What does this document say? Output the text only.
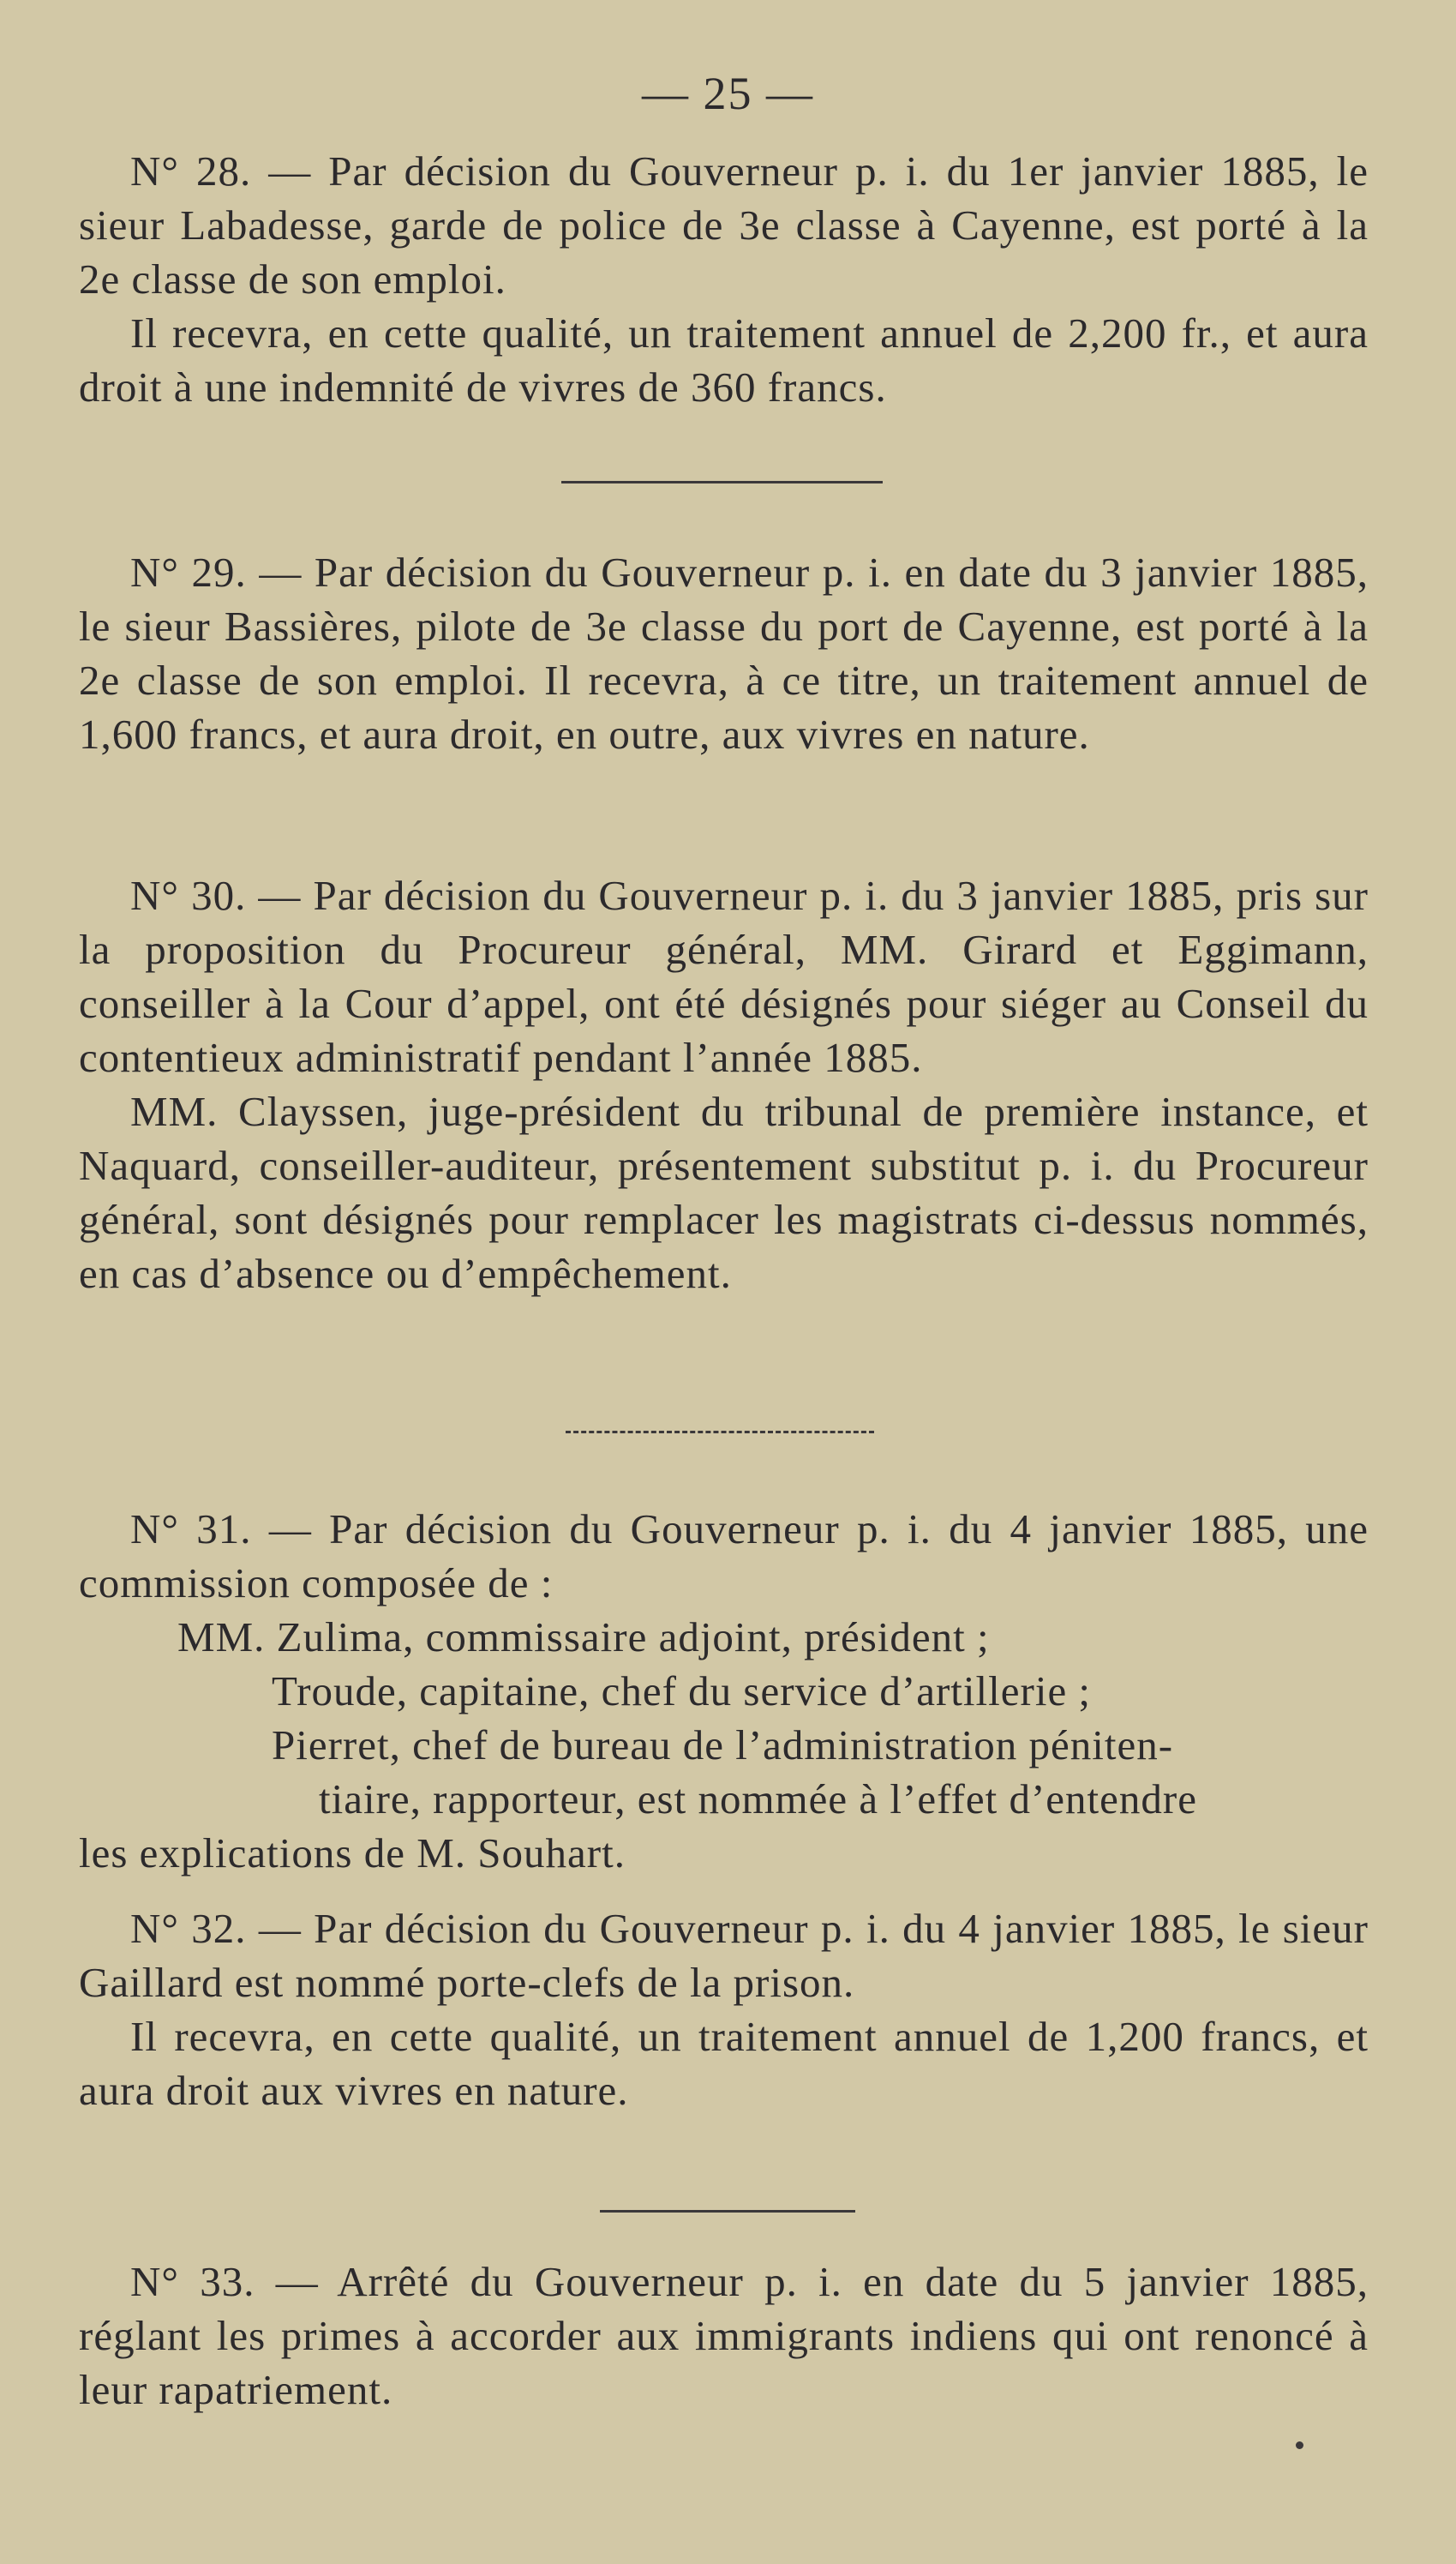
— 25 —

N° 28. — Par décision du Gouverneur p. i. du 1er janvier 1885, le sieur Labadesse, garde de police de 3e classe à Cayenne, est porté à la 2e classe de son emploi.

Il recevra, en cette qualité, un traitement annuel de 2,200 fr., et aura droit à une indemnité de vivres de 360 francs.

N° 29. — Par décision du Gouverneur p. i. en date du 3 janvier 1885, le sieur Bassières, pilote de 3e classe du port de Cayenne, est porté à la 2e classe de son emploi. Il recevra, à ce titre, un traitement annuel de 1,600 francs, et aura droit, en outre, aux vivres en nature.

N° 30. — Par décision du Gouverneur p. i. du 3 janvier 1885, pris sur la proposition du Procureur général, MM. Girard et Eggimann, conseiller à la Cour d’appel, ont été désignés pour siéger au Conseil du contentieux administratif pendant l’année 1885.

MM. Clayssen, juge-président du tribunal de première instance, et Naquard, conseiller-auditeur, présentement substitut p. i. du Procureur général, sont désignés pour remplacer les magistrats ci-dessus nommés, en cas d’absence ou d’empêchement.

N° 31. — Par décision du Gouverneur p. i. du 4 janvier 1885, une commission composée de :

MM. Zulima, commissaire adjoint, président ;

Troude, capitaine, chef du service d’artillerie ;

Pierret, chef de bureau de l’administration péniten-

tiaire, rapporteur, est nommée à l’effet d’entendre

les explications de M. Souhart.

N° 32. — Par décision du Gouverneur p. i. du 4 janvier 1885, le sieur Gaillard est nommé porte-clefs de la prison.

Il recevra, en cette qualité, un traitement annuel de 1,200 francs, et aura droit aux vivres en nature.

N° 33. — Arrêté du Gouverneur p. i. en date du 5 janvier 1885, réglant les primes à accorder aux immigrants indiens qui ont renoncé à leur rapatriement.
